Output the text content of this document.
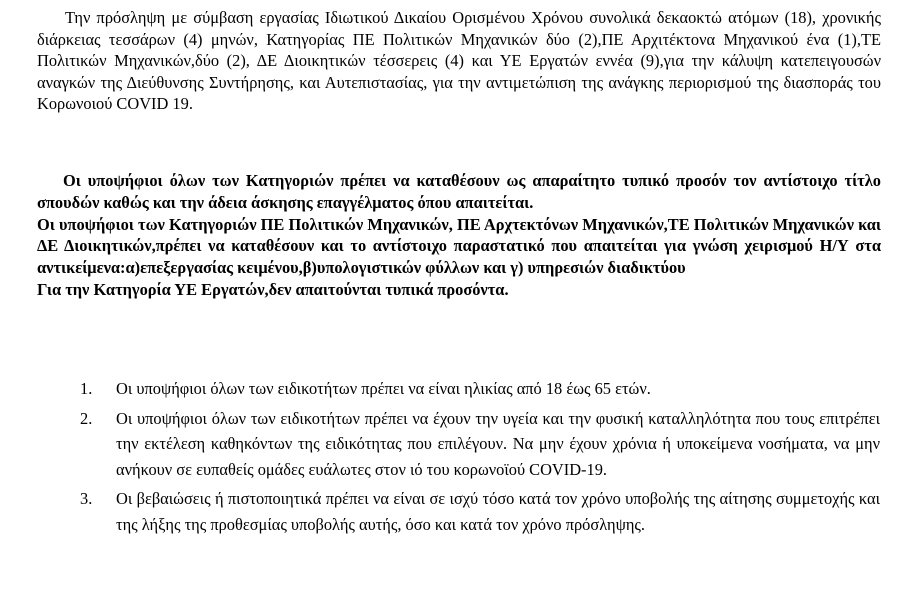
Την πρόσληψη με σύμβαση εργασίας Ιδιωτικού Δικαίου Ορισμένου Χρόνου συνολικά δεκαοκτώ ατόμων (18), χρονικής διάρκειας τεσσάρων (4) μηνών, Κατηγορίας ΠΕ Πολιτικών Μηχανικών δύο (2),ΠΕ Αρχιτέκτονα Μηχανικού ένα (1),ΤΕ Πολιτικών Μηχανικών,δύο (2), ΔΕ Διοικητικών τέσσερεις (4) και ΥΕ Εργατών εννέα (9),για την κάλυψη κατεπειγουσών αναγκών της Διεύθυνσης Συντήρησης, και Αυτεπιστασίας, για την αντιμετώπιση της ανάγκης περιορισμού της διασποράς του Κορωνοιού COVID 19.

Οι υποψήφιοι όλων των Κατηγοριών πρέπει να καταθέσουν ως απαραίτητο τυπικό προσόν τον αντίστοιχο τίτλο σπουδών καθώς και την άδεια άσκησης επαγγέλματος όπου απαιτείται.

Οι υποψήφιοι των Κατηγοριών ΠΕ Πολιτικών Μηχανικών, ΠΕ Αρχτεκτόνων Μηχανικών,ΤΕ Πολιτικών Μηχανικών και ΔΕ Διοικητικών,πρέπει να καταθέσουν και το αντίστοιχο παραστατικό που απαιτείται για γνώση χειρισμού Η/Υ στα αντικείμενα:α)επεξεργασίας κειμένου,β)υπολογιστικών φύλλων και γ) υπηρεσιών διαδικτύου

Για την Κατηγορία ΥΕ Εργατών,δεν απαιτούνται τυπικά προσόντα.

1. Οι υποψήφιοι όλων των ειδικοτήτων πρέπει να είναι ηλικίας από 18 έως 65 ετών.
2. Οι υποψήφιοι όλων των ειδικοτήτων πρέπει να έχουν την υγεία και την φυσική καταλληλότητα που τους επιτρέπει την εκτέλεση καθηκόντων της ειδικότητας που επιλέγουν. Να μην έχουν χρόνια ή υποκείμενα νοσήματα, να μην ανήκουν σε ευπαθείς ομάδες ευάλωτες στον ιό του κορωνοϊού COVID-19.
3. Οι βεβαιώσεις ή πιστοποιητικά πρέπει να είναι σε ισχύ τόσο κατά τον χρόνο υποβολής της αίτησης συμμετοχής και της λήξης της προθεσμίας υποβολής αυτής, όσο και κατά τον χρόνο πρόσληψης.
